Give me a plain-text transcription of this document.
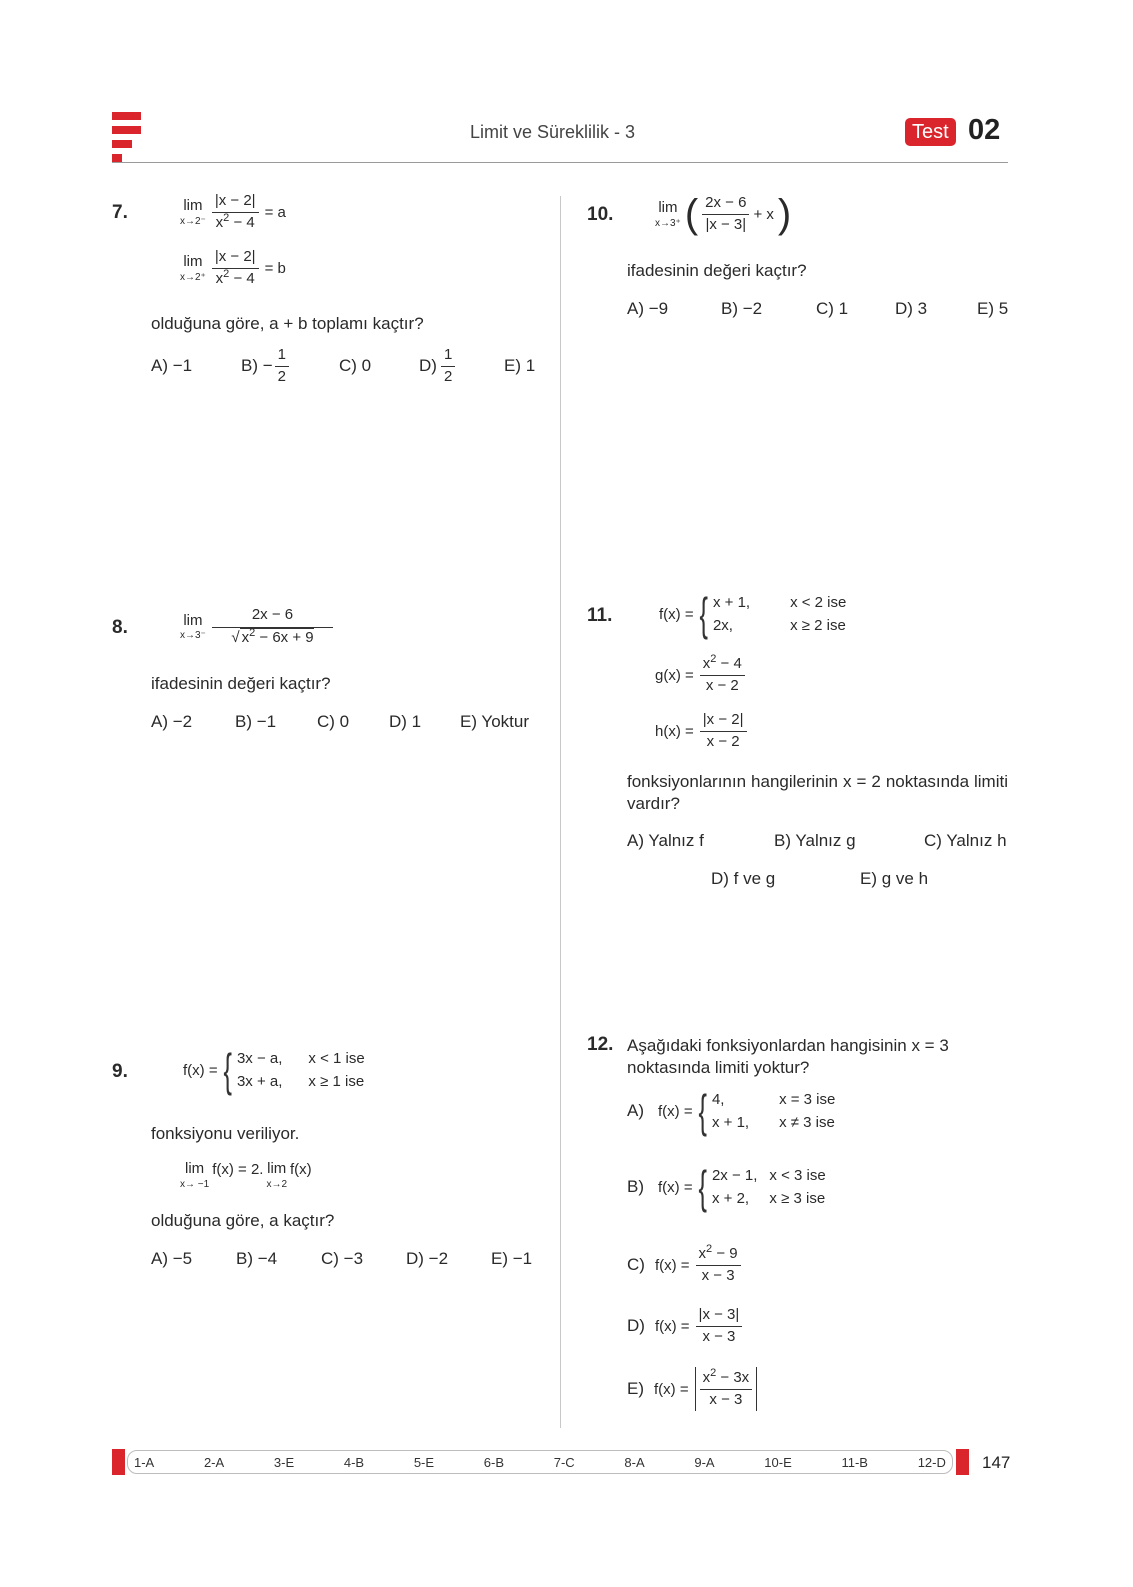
Limit ve Süreklilik - 3	Test 02
7.	lim
$x\to 2^- \frac{|x - 2|}{x^2 - 4} = a$
lim
$x\to 2^+ \frac{|x - 2|}{x^2 - 4} = b$
olduğuna göre, a + b toplamı kaçtır?
A) −1	$B) - \frac{1}{2}$	C) 0	$D) \frac{1}{2}$	E) 1
8.	lim
$x\to 3^- \frac{2x - 6}{√ x^2 - 6x + 9}$
ifadesinin değeri kaçtır?
A) −2	B) −1 C) 0 D) 1 E) Yoktur
9.	f(x) = { 3x − a, x < 1 ise
3x + a, x ≥ 1 ise
fonksiyonu veriliyor.
lim
x→ −1
f(x) = 2. lim
x→2
f(x)
olduğuna göre, a kaçtır?
A) −5	B) −4	C) −3	D) −2	E) −1
10.	lim
x→3⁺ ( $\frac{2x - 6}{|x - 3|} + x$ )
ifadesinin değeri kaçtır?
A) −9	B) −2	C) 1	D) 3	E) 5
11.	f(x) = { x + 1,	x < 2 ise
2x,	x ≥ 2 ise
$g(x) = \frac{x^2 - 4}{x - 2}$
$h(x) = \frac{|x - 2|}{x - 2}$
fonksiyonlarının hangilerinin x = 2 noktasında limiti vardır?
A) Yalnız f	B) Yalnız g	C) Yalnız h
D) f ve g	E) g ve h
12. Aşağıdaki fonksiyonlardan hangisinin x = 3 noktasında limiti yoktur?
A) f(x) = { 4,	x = 3 ise
x + 1, x ≠ 3 ise
B) f(x) = { 2x − 1, x < 3 ise
x + 2,	x ≥ 3 ise
C) $f(x) = \frac{x^2 - 9}{x - 3}$
D) $f(x) = \frac{|x - 3|}{x - 3}$
E) $f(x) = \frac{x^2 - 3x}{x - 3}$
1-A	2-A	3-E	4-B	5-E	6-B	7-C	8-A	9-A	10-E	11-B	12-D 147
